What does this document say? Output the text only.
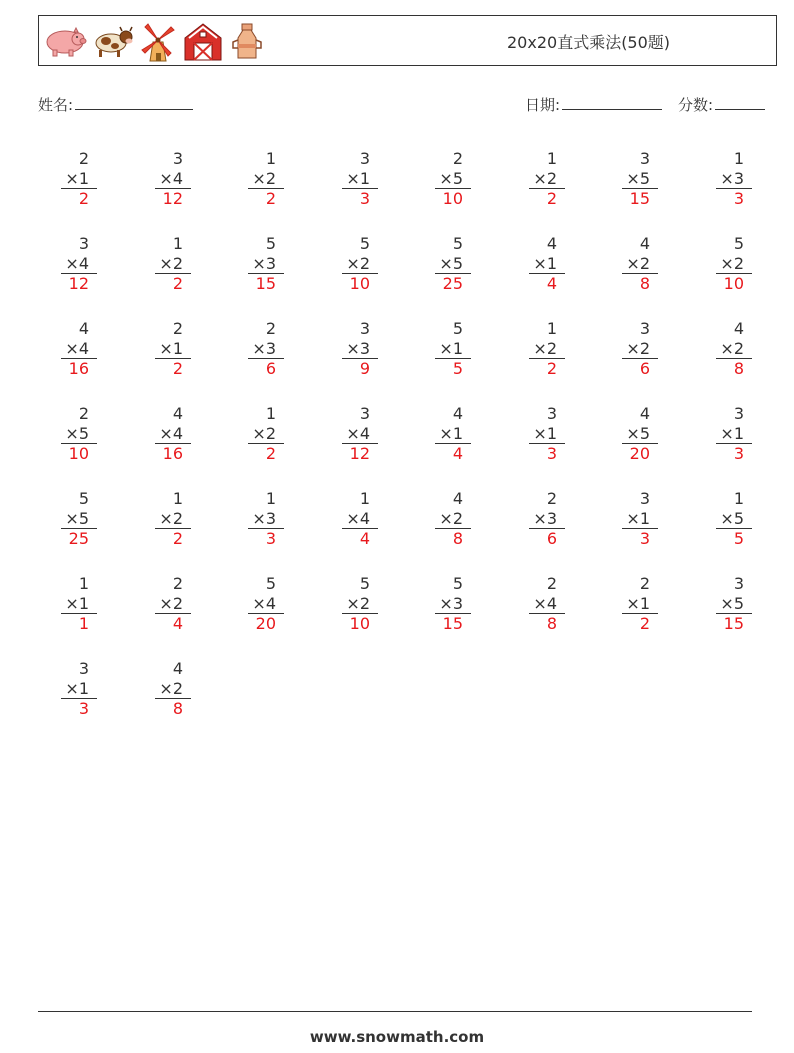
20x20直式乘法(50题)
姓名:	日期:	分数:
2
×1
2
3
×4
12
1
×2
2
3
×1
3
2
×5
10
1
×2
2
3
×5
15
1
×3
3
3
×4
12
1
×2
2
5
×3
15
5
×2
10
5
×5
25
4
×1
4
4
×2
8
5
×2
10
4
×4
16
2
×1
2
2
×3
6
3
×3
9
5
×1
5
1
×2
2
3
×2
6
4
×2
8
2
×5
10
4
×4
16
1
×2
2
3
×4
12
4
×1
4
3
×1
3
4
×5
20
3
×1
3
5
×5
25
1
×2
2
1
×3
3
1
×4
4
4
×2
8
2
×3
6
3
×1
3
1
×5
5
1
×1
1
2
×2
4
5
×4
20
5
×2
10
5
×3
15
2
×4
8
2
×1
2
3
×5
15
3
×1
3
4
×2
8
www.snowmath.com
